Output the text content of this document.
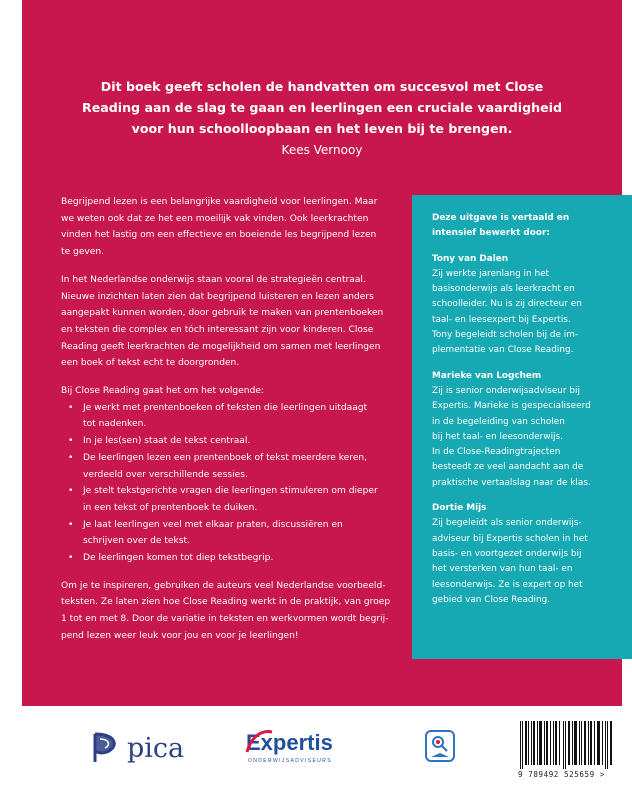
Dit boek geeft scholen de handvatten om succesvol met Close
Reading aan de slag te gaan en leerlingen een cruciale vaardigheid
voor hun schoolloopbaan en het leven bij te brengen.
Kees Vernooy

Begrijpend lezen is een belangrijke vaardigheid voor leerlingen. Maar
we weten ook dat ze het een moeilijk vak vinden. Ook leerkrachten
vinden het lastig om een effectieve en boeiende les begrijpend lezen
te geven.

In het Nederlandse onderwijs staan vooral de strategieën centraal.
Nieuwe inzichten laten zien dat begrijpend luisteren en lezen anders
aangepakt kunnen worden, door gebruik te maken van prentenboeken
en teksten die complex en tóch interessant zijn voor kinderen. Close
Reading geeft leerkrachten de mogelijkheid om samen met leerlingen
een boek of tekst echt te doorgronden.

Bij Close Reading gaat het om het volgende:

• Je werkt met prentenboeken of teksten die leerlingen uitdaagt
tot nadenken.
• In je les(sen) staat de tekst centraal.
• De leerlingen lezen een prentenboek of tekst meerdere keren,
verdeeld over verschillende sessies.
• Je stelt tekstgerichte vragen die leerlingen stimuleren om dieper
in een tekst of prentenboek te duiken.
• Je laat leerlingen veel met elkaar praten, discussiëren en
schrijven over de tekst.
• De leerlingen komen tot diep tekstbegrip.

Om je te inspireren, gebruiken de auteurs veel Nederlandse voorbeeld-
teksten. Ze laten zien hoe Close Reading werkt in de praktijk, van groep
1 tot en met 8. Door de variatie in teksten en werkvormen wordt begrij-
pend lezen weer leuk voor jou en voor je leerlingen!

Deze uitgave is vertaald en
intensief bewerkt door:
Tony van Dalen
Zij werkte jarenlang in het
basisonderwijs als leerkracht en
schoolleider. Nu is zij directeur en
taal- en leesexpert bij Expertis.
Tony begeleidt scholen bij de im-
plementatie van Close Reading.
Marieke van Logchem
Zij is senior onderwijsadviseur bij
Expertis. Marieke is gespecialiseerd
in de begeleiding van scholen
bij het taal- en leesonderwijs.
In de Close-Readingtrajecten
besteedt ze veel aandacht aan de
praktische vertaalslag naar de klas.
Dortie Mijs
Zij begeleidt als senior onderwijs-
adviseur bij Expertis scholen in het
basis- en voortgezet onderwijs bij
het versterken van hun taal- en
leesonderwijs. Ze is expert op het
gebied van Close Reading.
pica	Expertis
ONDERWIJSADVISEURS
9 789492 525659 >
